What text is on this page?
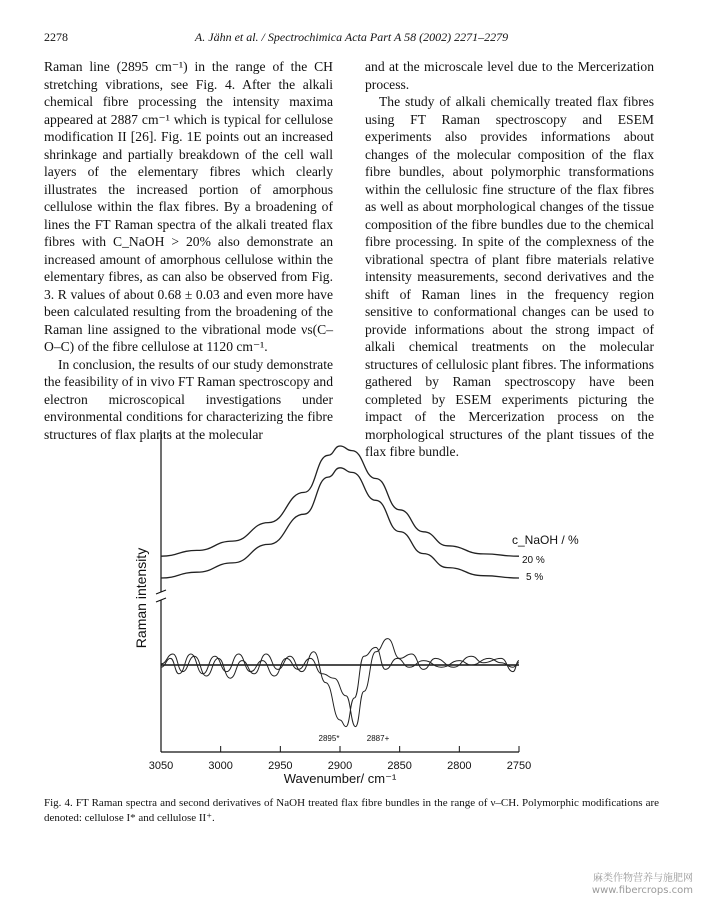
2278	A. Jähn et al. / Spectrochimica Acta Part A 58 (2002) 2271–2279

Raman line (2895 cm⁻¹) in the range of the CH stretching vibrations, see Fig. 4. After the alkali chemical fibre processing the intensity maxima appeared at 2887 cm⁻¹ which is typical for cellulose modification II [26]. Fig. 1E points out an increased shrinkage and partially breakdown of the cell wall layers of the elementary fibres which clearly illustrates the increased portion of amorphous cellulose within the flax fibres. By a broadening of lines the FT Raman spectra of the alkali treated flax fibres with C_NaOH > 20% also demonstrate an increased amount of amorphous cellulose within the elementary fibres, as can also be observed from Fig. 3. R values of about 0.68 ± 0.03 and even more have been calculated resulting from the broadening of the Raman line assigned to the vibrational mode νs(C–O–C) of the fibre cellulose at 1120 cm⁻¹.

In conclusion, the results of our study demonstrate the feasibility of in vivo FT Raman spectroscopy and electron microscopical investigations under environmental conditions for characterizing the fibre structures of flax plants at the molecular

and at the microscale level due to the Mercerization process.

The study of alkali chemically treated flax fibres using FT Raman spectroscopy and ESEM experiments also provides informations about changes of the molecular composition of the flax fibre bundles, about polymorphic transformations within the cellulosic fine structure of the flax fibres as well as about morphological changes of the tissue composition of the fibre bundles due to the chemical fibre processing. In spite of the complexness of the vibrational spectra of plant fibre materials relative intensity measurements, second derivatives and the shift of Raman lines in the frequency region sensitive to conformational changes can be used to provide informations about the strong impact of alkali chemical treatments on the molecular structures of cellulosic plant fibres. The informations gathered by Raman spectroscopy have been completed by ESEM experiments picturing the impact of the Mercerization process on the morphological structures of the plant tissues of the flax fibre bundle.

3050	3000	2950	2900	2850	2800	2750
Wavenumber/ cm⁻¹
Raman intensity
c_NaOH / %
20 %
5 %
2895*	2887+
Fig. 4. FT Raman spectra and second derivatives of NaOH treated flax fibre bundles in the range of ν–CH. Polymorphic modifications are denoted: cellulose I* and cellulose II⁺.
麻类作物营养与施肥网
www.fibercrops.com
